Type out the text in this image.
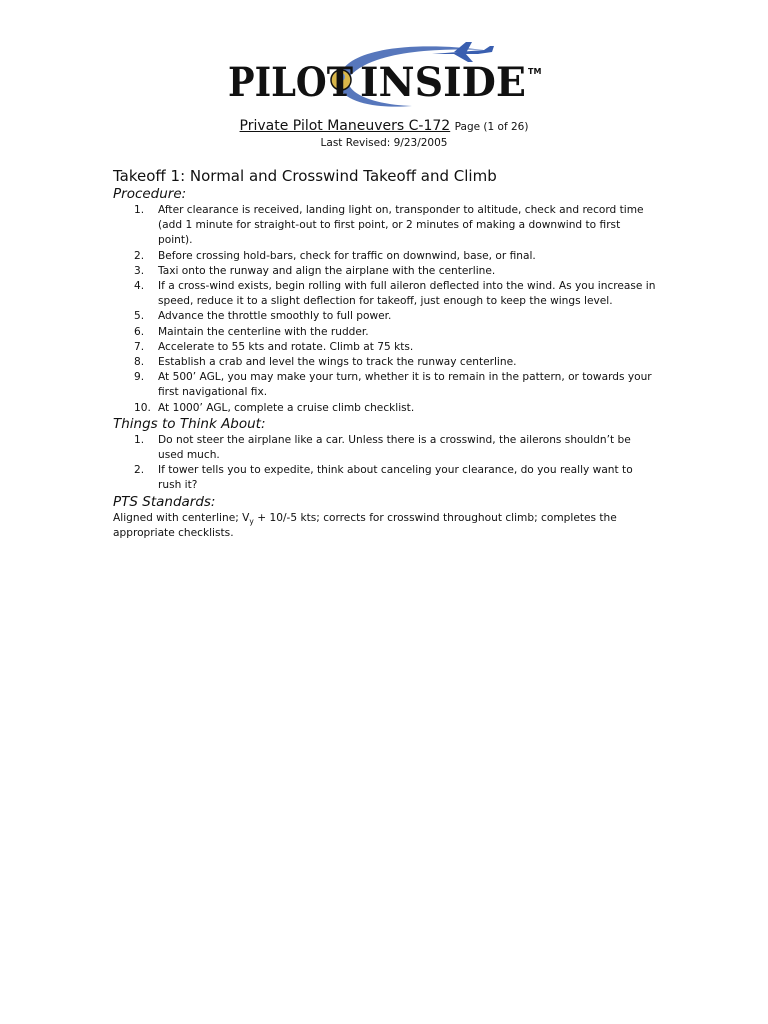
PILOT INSIDE TM
Private Pilot Maneuvers C-172 Page (1 of 26)
Last Revised: 9/23/2005
Takeoff 1: Normal and Crosswind Takeoff and Climb
Procedure:
1.	After clearance is received, landing light on, transponder to altitude, check and record time (add 1 minute for straight-out to first point, or 2 minutes of making a downwind to first point).
2.	Before crossing hold-bars, check for traffic on downwind, base, or final.
3.	Taxi onto the runway and align the airplane with the centerline.
4.	If a cross-wind exists, begin rolling with full aileron deflected into the wind. As you increase in speed, reduce it to a slight deflection for takeoff, just enough to keep the wings level.
5.	Advance the throttle smoothly to full power.
6.	Maintain the centerline with the rudder.
7.	Accelerate to 55 kts and rotate. Climb at 75 kts.
8.	Establish a crab and level the wings to track the runway centerline.
9.	At 500’ AGL, you may make your turn, whether it is to remain in the pattern, or towards your first navigational fix.
10. At 1000’ AGL, complete a cruise climb checklist.
Things to Think About:
1.	Do not steer the airplane like a car. Unless there is a crosswind, the ailerons shouldn’t be used much.
2.	If tower tells you to expedite, think about canceling your clearance, do you really want to rush it?
PTS Standards:

Aligned with centerline; $V_y + 10/-5$ kts; corrects for crosswind throughout climb; completes the appropriate checklists.
